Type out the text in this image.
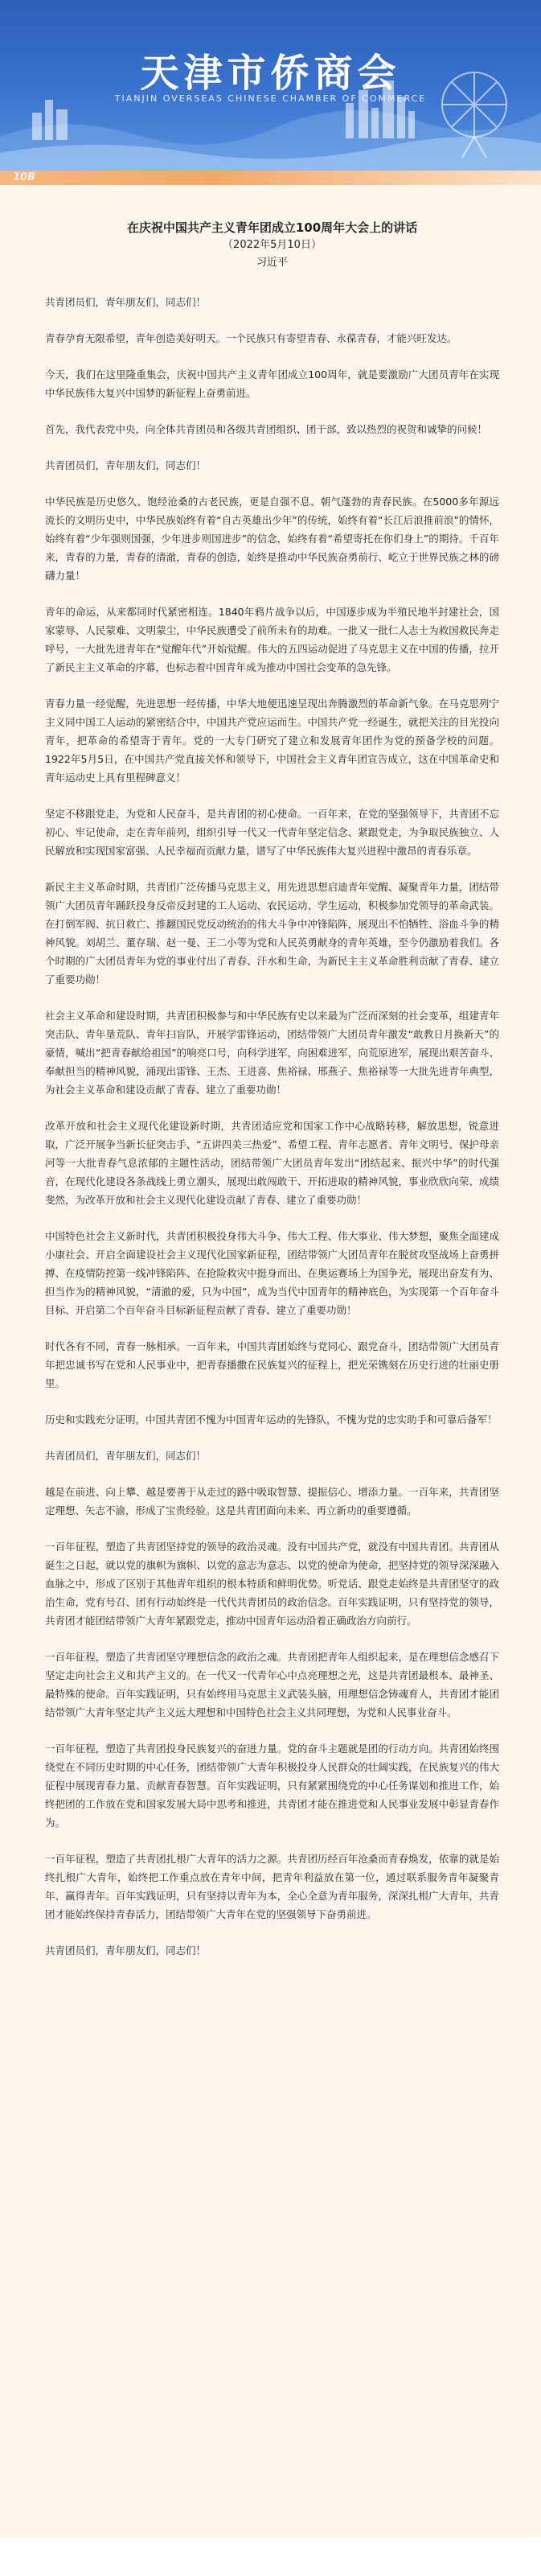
天津市侨商会
TIANJIN OVERSEAS CHINESE CHAMBER OF COMMERCE
10B
在庆祝中国共产主义青年团成立100周年大会上的讲话
（2022年5月10日）
习近平

共青团员们，青年朋友们，同志们！

青春孕育无限希望，青年创造美好明天。一个民族只有寄望青春、永葆青春，才能兴旺发达。

今天，我们在这里隆重集会，庆祝中国共产主义青年团成立100周年，就是要激励广大团员青年在实现中华民族伟大复兴中国梦的新征程上奋勇前进。

首先，我代表党中央，向全体共青团员和各级共青团组织、团干部，致以热烈的祝贺和诚挚的问候！

共青团员们，青年朋友们，同志们！

中华民族是历史悠久、饱经沧桑的古老民族，更是自强不息、朝气蓬勃的青春民族。在5000多年源远流长的文明历史中，中华民族始终有着“自古英雄出少年”的传统，始终有着“长江后浪推前浪”的情怀，始终有着“少年强则国强，少年进步则国进步”的信念，始终有着“希望寄托在你们身上”的期待。千百年来，青春的力量，青春的清澈，青春的创造，始终是推动中华民族奋勇前行、屹立于世界民族之林的磅礴力量！

青年的命运，从来都同时代紧密相连。1840年鸦片战争以后，中国逐步成为半殖民地半封建社会，国家蒙辱、人民蒙难、文明蒙尘，中华民族遭受了前所未有的劫难。一批又一批仁人志士为救国救民奔走呼号，一大批先进青年在“觉醒年代”开始觉醒。伟大的五四运动促进了马克思主义在中国的传播，拉开了新民主主义革命的序幕，也标志着中国青年成为推动中国社会变革的急先锋。

青春力量一经觉醒，先进思想一经传播，中华大地便迅速呈现出奔腾激烈的革命新气象。在马克思列宁主义同中国工人运动的紧密结合中，中国共产党应运而生。中国共产党一经诞生，就把关注的目光投向青年，把革命的希望寄于青年。党的一大专门研究了建立和发展青年团作为党的预备学校的问题。1922年5月5日，在中国共产党直接关怀和领导下，中国社会主义青年团宣告成立，这在中国革命史和青年运动史上具有里程碑意义！

坚定不移跟党走，为党和人民奋斗，是共青团的初心使命。一百年来，在党的坚强领导下，共青团不忘初心、牢记使命，走在青年前列，组织引导一代又一代青年坚定信念、紧跟党走，为争取民族独立、人民解放和实现国家富强、人民幸福而贡献力量，谱写了中华民族伟大复兴进程中激昂的青春乐章。

新民主主义革命时期，共青团广泛传播马克思主义，用先进思想启迪青年觉醒、凝聚青年力量，团结带领广大团员青年踊跃投身反帝反封建的工人运动、农民运动、学生运动，积极参加党领导的革命武装。在打倒军阀、抗日救亡、推翻国民党反动统治的伟大斗争中冲锋陷阵，展现出不怕牺牲、浴血斗争的精神风貌。刘胡兰、董存瑞、赵一曼、王二小等为党和人民英勇献身的青年英雄，至今仍激励着我们。各个时期的广大团员青年为党的事业付出了青春、汗水和生命，为新民主主义革命胜利贡献了青春、建立了重要功勋！

社会主义革命和建设时期，共青团积极参与和中华民族有史以来最为广泛而深刻的社会变革，组建青年突击队、青年垦荒队、青年扫盲队，开展学雷锋运动，团结带领广大团员青年激发“敢教日月换新天”的豪情，喊出“把青春献给祖国”的响亮口号，向科学进军，向困难进军，向荒原进军，展现出艰苦奋斗、奉献担当的精神风貌，涌现出雷锋、王杰、王进喜、焦裕禄、邢燕子、焦裕禄等一大批先进青年典型，为社会主义革命和建设贡献了青春、建立了重要功勋！

改革开放和社会主义现代化建设新时期，共青团适应党和国家工作中心战略转移，解放思想，锐意进取，广泛开展争当新长征突击手、“五讲四美三热爱”、希望工程、青年志愿者、青年文明号、保护母亲河等一大批青春气息浓郁的主题性活动，团结带领广大团员青年发出“团结起来、振兴中华”的时代强音，在现代化建设各条战线上勇立潮头，展现出敢闯敢干、开拓进取的精神风貌，事业欣欣向荣、成绩斐然，为改革开放和社会主义现代化建设贡献了青春、建立了重要功勋！

中国特色社会主义新时代，共青团积极投身伟大斗争、伟大工程、伟大事业、伟大梦想，聚焦全面建成小康社会、开启全面建设社会主义现代化国家新征程，团结带领广大团员青年在脱贫攻坚战场上奋勇拼搏、在疫情防控第一线冲锋陷阵、在抢险救灾中挺身而出、在奥运赛场上为国争光，展现出奋发有为、担当作为的精神风貌，“清澈的爱，只为中国”，成为当代中国青年的精神底色，为实现第一个百年奋斗目标、开启第二个百年奋斗目标新征程贡献了青春、建立了重要功勋！

时代各有不同，青春一脉相承。一百年来，中国共青团始终与党同心、跟党奋斗，团结带领广大团员青年把忠诚书写在党和人民事业中，把青春播撒在民族复兴的征程上，把光荣镌刻在历史行进的壮丽史册里。

历史和实践充分证明，中国共青团不愧为中国青年运动的先锋队，不愧为党的忠实助手和可靠后备军！

共青团员们，青年朋友们，同志们！

越是在前进、向上攀、越是要善于从走过的路中吸取智慧、提振信心、增添力量。一百年来，共青团坚定理想、矢志不渝，形成了宝贵经验。这是共青团面向未来、再立新功的重要遵循。

一百年征程，塑造了共青团坚持党的领导的政治灵魂。没有中国共产党，就没有中国共青团。共青团从诞生之日起，就以党的旗帜为旗帜、以党的意志为意志、以党的使命为使命，把坚持党的领导深深融入血脉之中，形成了区别于其他青年组织的根本特质和鲜明优势。听党话、跟党走始终是共青团坚守的政治生命，党有号召、团有行动始终是一代代共青团员的政治信念。百年实践证明，只有坚持党的领导，共青团才能团结带领广大青年紧跟党走，推动中国青年运动沿着正确政治方向前行。

一百年征程，塑造了共青团坚守理想信念的政治之魂。共青团把青年人组织起来，是在理想信念感召下坚定走向社会主义和共产主义的。在一代又一代青年心中点亮理想之光，这是共青团最根本、最神圣、最特殊的使命。百年实践证明，只有始终用马克思主义武装头脑，用理想信念铸魂育人，共青团才能团结带领广大青年坚定共产主义远大理想和中国特色社会主义共同理想，为党和人民事业奋斗。

一百年征程，塑造了共青团投身民族复兴的奋进力量。党的奋斗主题就是团的行动方向。共青团始终围绕党在不同历史时期的中心任务，团结带领广大青年积极投身人民群众的壮阔实践，在民族复兴的伟大征程中展现青春力量、贡献青春智慧。百年实践证明，只有紧紧围绕党的中心任务谋划和推进工作，始终把团的工作放在党和国家发展大局中思考和推进，共青团才能在推进党和人民事业发展中彰显青春作为。

一百年征程，塑造了共青团扎根广大青年的活力之源。共青团历经百年沧桑而青春焕发，依靠的就是始终扎根广大青年，始终把工作重点放在青年中间，把青年利益放在第一位，通过联系服务青年凝聚青年、赢得青年。百年实践证明，只有坚持以青年为本，全心全意为青年服务，深深扎根广大青年，共青团才能始终保持青春活力，团结带领广大青年在党的坚强领导下奋勇前进。

共青团员们，青年朋友们，同志们！
